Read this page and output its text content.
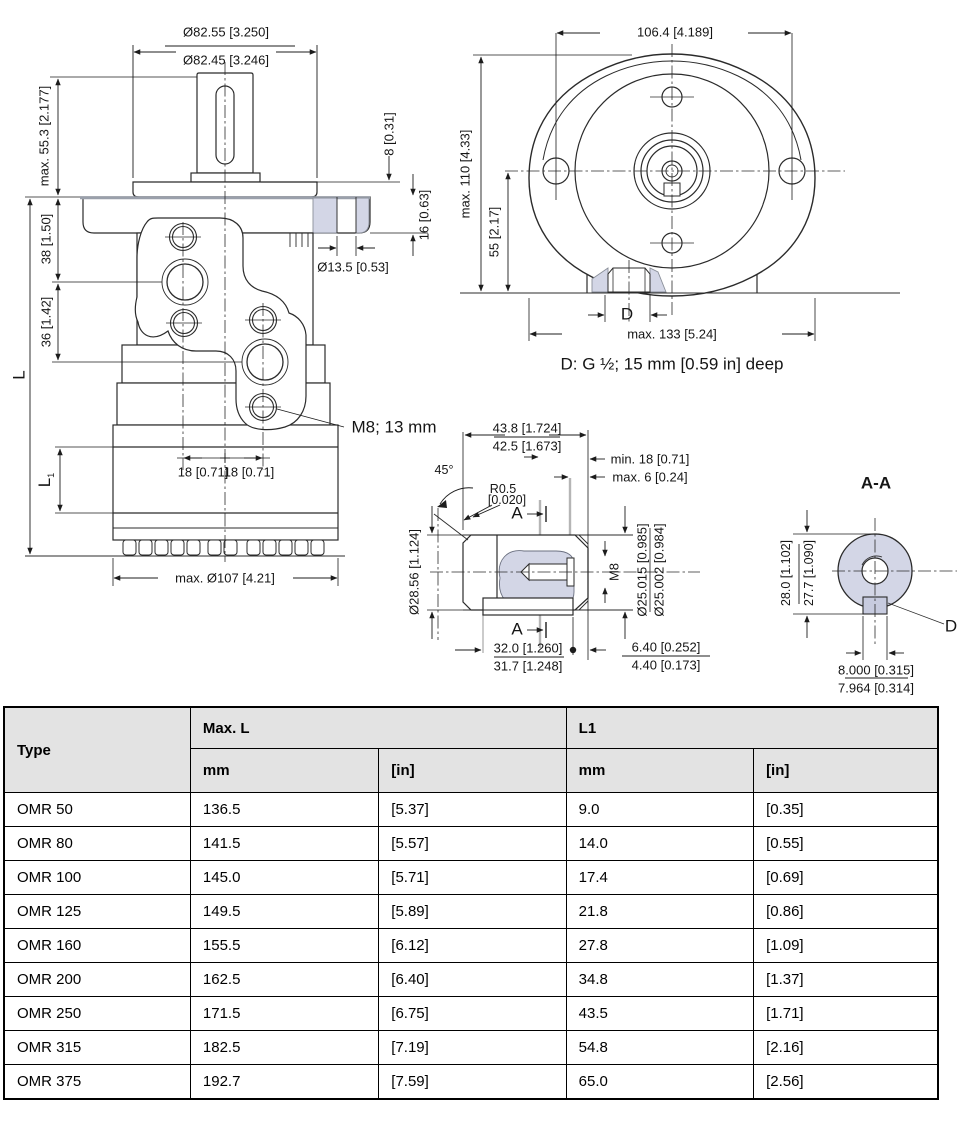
Ø82.55 [3.250]
Ø82.45 [3.246]
max. 55.3 [2.177]
38 [1.50]
36 [1.42]
L
$L_1$
8 [0.31]
16 [0.63]
Ø13.5 [0.53]
M8; 13 mm
18 [0.71]
18 [0.71]
max. Ø107 [4.21]
106.4 [4.189]
max. 110 [4.33]
55 [2.17]
D
max. 133 [5.24]
D: G ½; 15 mm [0.59 in] deep
43.8 [1.724]
42.5 [1.673]
min. 18 [0.71]
max. 6 [0.24]
45°
R0.5
[0.020]
A
A
Ø28.56 [1.124]	M8 Ø25.015 [0.985] Ø25.002 [0.984]
32.0 [1.260]
31.7 [1.248]
6.40 [0.252]
4.40 [0.173]
A-A
28.0 [1.102] 27.7 [1.090]
D
8.000 [0.315]
7.964 [0.314]
Type	Max. L		L1	
	mm	[in]	mm	[in]
OMR 50	136.5	[5.37]	9.0	[0.35]
OMR 80	141.5	[5.57]	14.0	[0.55]
OMR 100	145.0	[5.71]	17.4	[0.69]
OMR 125	149.5	[5.89]	21.8	[0.86]
OMR 160	155.5	[6.12]	27.8	[1.09]
OMR 200	162.5	[6.40]	34.8	[1.37]
OMR 250	171.5	[6.75]	43.5	[1.71]
OMR 315	182.5	[7.19]	54.8	[2.16]
OMR 375	192.7	[7.59]	65.0	[2.56]
